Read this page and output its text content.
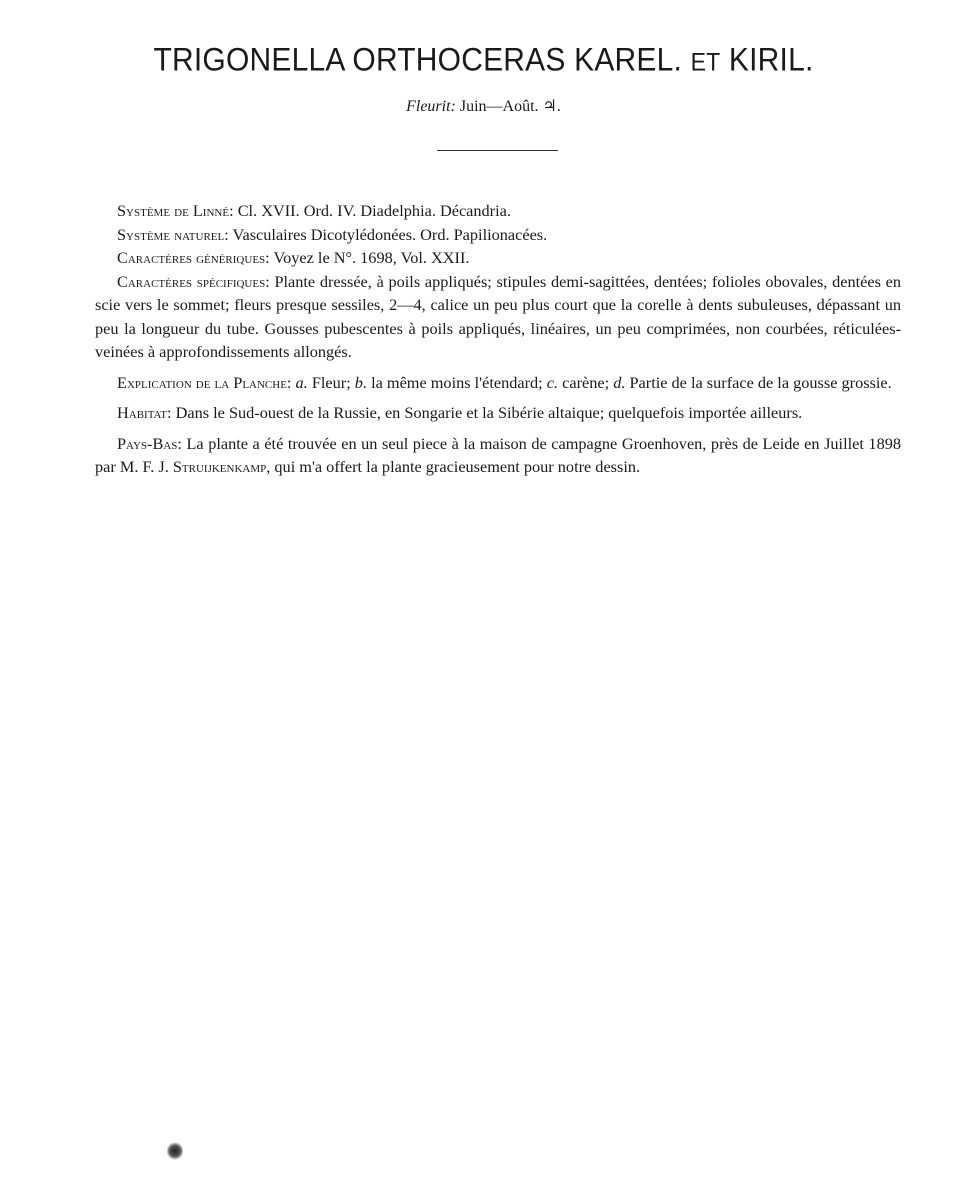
TRIGONELLA ORTHOCERAS KAREL. ET KIRIL.
Fleurit: Juin—Août. ♃.

Système de Linné: Cl. XVII. Ord. IV. Diadelphia. Décandria.

Système naturel: Vasculaires Dicotylédonées. Ord. Papilionacées.

Caractères génériques: Voyez le N°. 1698, Vol. XXII.

Caractères spécifiques: Plante dressée, à poils appliqués; stipules demi-sagittées, dentées; folioles obovales, dentées en scie vers le sommet; fleurs presque sessiles, 2—4, calice un peu plus court que la corelle à dents subuleuses, dépassant un peu la longueur du tube. Gousses pubescentes à poils appliqués, linéaires, un peu comprimées, non courbées, réticulées-veinées à approfondissements allongés.

Explication de la Planche: a. Fleur; b. la même moins l'étendard; c. carène; d. Partie de la surface de la gousse grossie.

Habitat: Dans le Sud-ouest de la Russie, en Songarie et la Sibérie altaique; quelquefois importée ailleurs.

Pays-Bas: La plante a été trouvée en un seul piece à la maison de campagne Groenhoven, près de Leide en Juillet 1898 par M. F. J. Struijkenkamp, qui m'a offert la plante gracieusement pour notre dessin.
